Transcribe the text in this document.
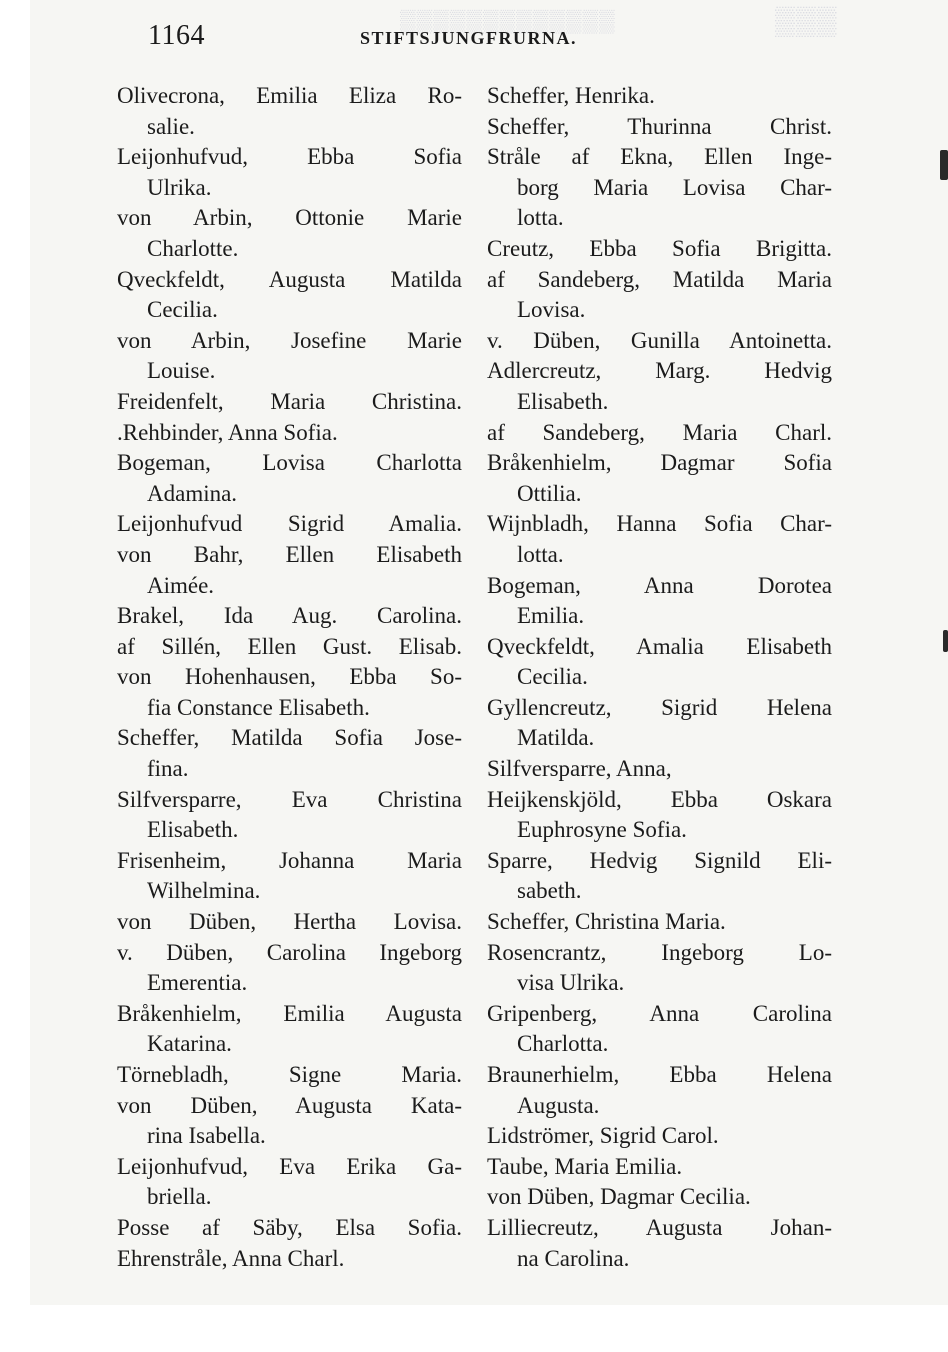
▒▒▒▒▒▒▒▒▒▒▒▒▒	▒▒▒
1164	STIFTSJUNGFRURNA.
Olivecrona, Emilia Eliza Ro-
salie.
Leijonhufvud, Ebba Sofia
Ulrika.
von Arbin, Ottonie Marie
Charlotte.
Qveckfeldt, Augusta Matilda
Cecilia.
von Arbin, Josefine Marie
Louise.
Freidenfelt, Maria Christina.
.Rehbinder, Anna Sofia.
Bogeman, Lovisa Charlotta
Adamina.
Leijonhufvud Sigrid Amalia.
von Bahr, Ellen Elisabeth
Aimée.
Brakel, Ida Aug. Carolina.
af Sillén, Ellen Gust. Elisab.
von Hohenhausen, Ebba So-
fia Constance Elisabeth.
Scheffer, Matilda Sofia Jose-
fina.
Silfversparre, Eva Christina
Elisabeth.
Frisenheim, Johanna Maria
Wilhelmina.
von Düben, Hertha Lovisa.
v. Düben, Carolina Ingeborg
Emerentia.
Bråkenhielm, Emilia Augusta
Katarina.
Törnebladh, Signe Maria.
von Düben, Augusta Kata-
rina Isabella.
Leijonhufvud, Eva Erika Ga-
briella.
Posse af Säby, Elsa Sofia.
Ehrenstråle, Anna Charl.
Scheffer, Henrika.
Scheffer, Thurinna Christ.
Stråle af Ekna, Ellen Inge-
borg Maria Lovisa Char-
lotta.
Creutz, Ebba Sofia Brigitta.
af Sandeberg, Matilda Maria
Lovisa.
v. Düben, Gunilla Antoinetta.
Adlercreutz, Marg. Hedvig
Elisabeth.
af Sandeberg, Maria Charl.
Bråkenhielm, Dagmar Sofia
Ottilia.
Wijnbladh, Hanna Sofia Char-
lotta.
Bogeman, Anna Dorotea
Emilia.
Qveckfeldt, Amalia Elisabeth
Cecilia.
Gyllencreutz, Sigrid Helena
Matilda.
Silfversparre, Anna,
Heijkenskjöld, Ebba Oskara
Euphrosyne Sofia.
Sparre, Hedvig Signild Eli-
sabeth.
Scheffer, Christina Maria.
Rosencrantz, Ingeborg Lo-
visa Ulrika.
Gripenberg, Anna Carolina
Charlotta.
Braunerhielm, Ebba Helena
Augusta.
Lidströmer, Sigrid Carol.
Taube, Maria Emilia.
von Düben, Dagmar Cecilia.
Lilliecreutz, Augusta Johan-
na Carolina.
